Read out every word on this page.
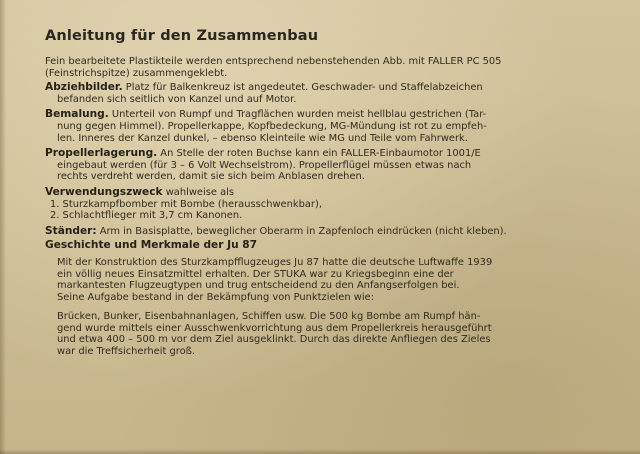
Anleitung für den Zusammenbau

Fein bearbeitete Plastikteile werden entsprechend nebenstehenden Abb. mit FALLER PC 505
(Feinstrichspitze) zusammengeklebt.

Abziehbilder. Platz für Balkenkreuz ist angedeutet. Geschwader- und Staffelabzeichen
befanden sich seitlich von Kanzel und auf Motor.

Bemalung. Unterteil von Rumpf und Tragflächen wurden meist hellblau gestrichen (Tar-
nung gegen Himmel). Propellerkappe, Kopfbedeckung, MG-Mündung ist rot zu empfeh-
len. Inneres der Kanzel dunkel, – ebenso Kleinteile wie MG und Teile vom Fahrwerk.

Propellerlagerung. An Stelle der roten Buchse kann ein FALLER-Einbaumotor 1001/E
eingebaut werden (für 3 – 6 Volt Wechselstrom). Propellerflügel müssen etwas nach
rechts verdreht werden, damit sie sich beim Anblasen drehen.

Verwendungszweck wahlweise als
1. Sturzkampfbomber mit Bombe (herausschwenkbar),
2. Schlachtflieger mit 3,7 cm Kanonen.

Ständer: Arm in Basisplatte, beweglicher Oberarm in Zapfenloch eindrücken (nicht kleben).

Geschichte und Merkmale der Ju 87

Mit der Konstruktion des Sturzkampfflugzeuges Ju 87 hatte die deutsche Luftwaffe 1939
ein völlig neues Einsatzmittel erhalten. Der STUKA war zu Kriegsbeginn eine der
markantesten Flugzeugtypen und trug entscheidend zu den Anfangserfolgen bei.
Seine Aufgabe bestand in der Bekämpfung von Punktzielen wie:

Brücken, Bunker, Eisenbahnanlagen, Schiffen usw. Die 500 kg Bombe am Rumpf hän-
gend wurde mittels einer Ausschwenkvorrichtung aus dem Propellerkreis herausgeführt
und etwa 400 – 500 m vor dem Ziel ausgeklinkt. Durch das direkte Anfliegen des Zieles
war die Treffsicherheit groß.
